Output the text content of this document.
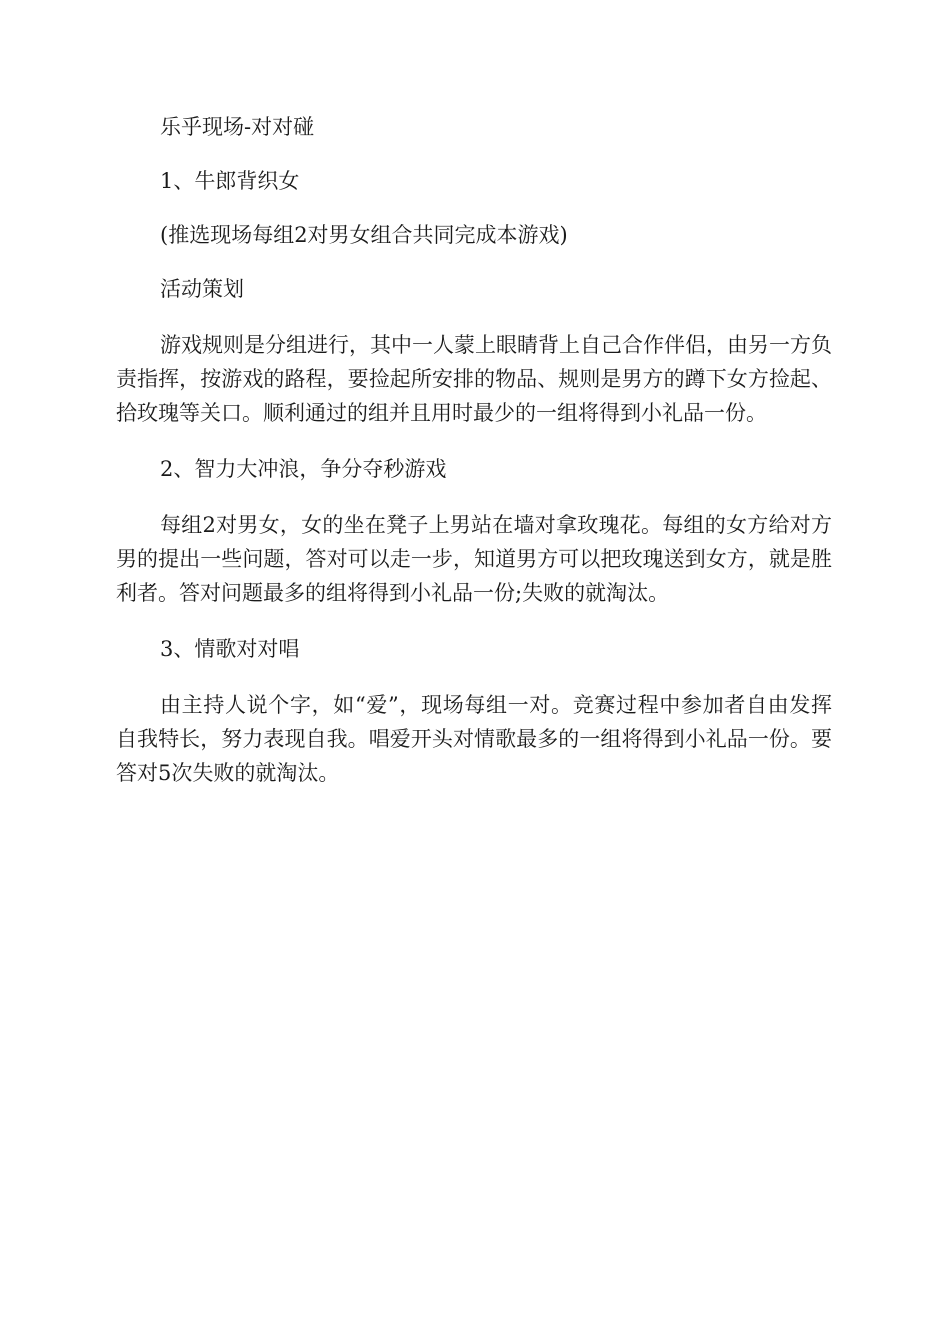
乐乎现场-对对碰

1、牛郎背织女

(推选现场每组2对男女组合共同完成本游戏)

活动策划

游戏规则是分组进行，其中一人蒙上眼睛背上自己合作伴侣，由另一方负责指挥，按游戏的路程，要捡起所安排的物品、规则是男方的蹲下女方捡起、拾玫瑰等关口。顺利通过的组并且用时最少的一组将得到小礼品一份。

2、智力大冲浪，争分夺秒游戏

每组2对男女，女的坐在凳子上男站在墙对拿玫瑰花。每组的女方给对方男的提出一些问题，答对可以走一步，知道男方可以把玫瑰送到女方，就是胜利者。答对问题最多的组将得到小礼品一份;失败的就淘汰。

3、情歌对对唱

由主持人说个字，如“爱”，现场每组一对。竞赛过程中参加者自由发挥自我特长，努力表现自我。唱爱开头对情歌最多的一组将得到小礼品一份。要答对5次失败的就淘汰。
